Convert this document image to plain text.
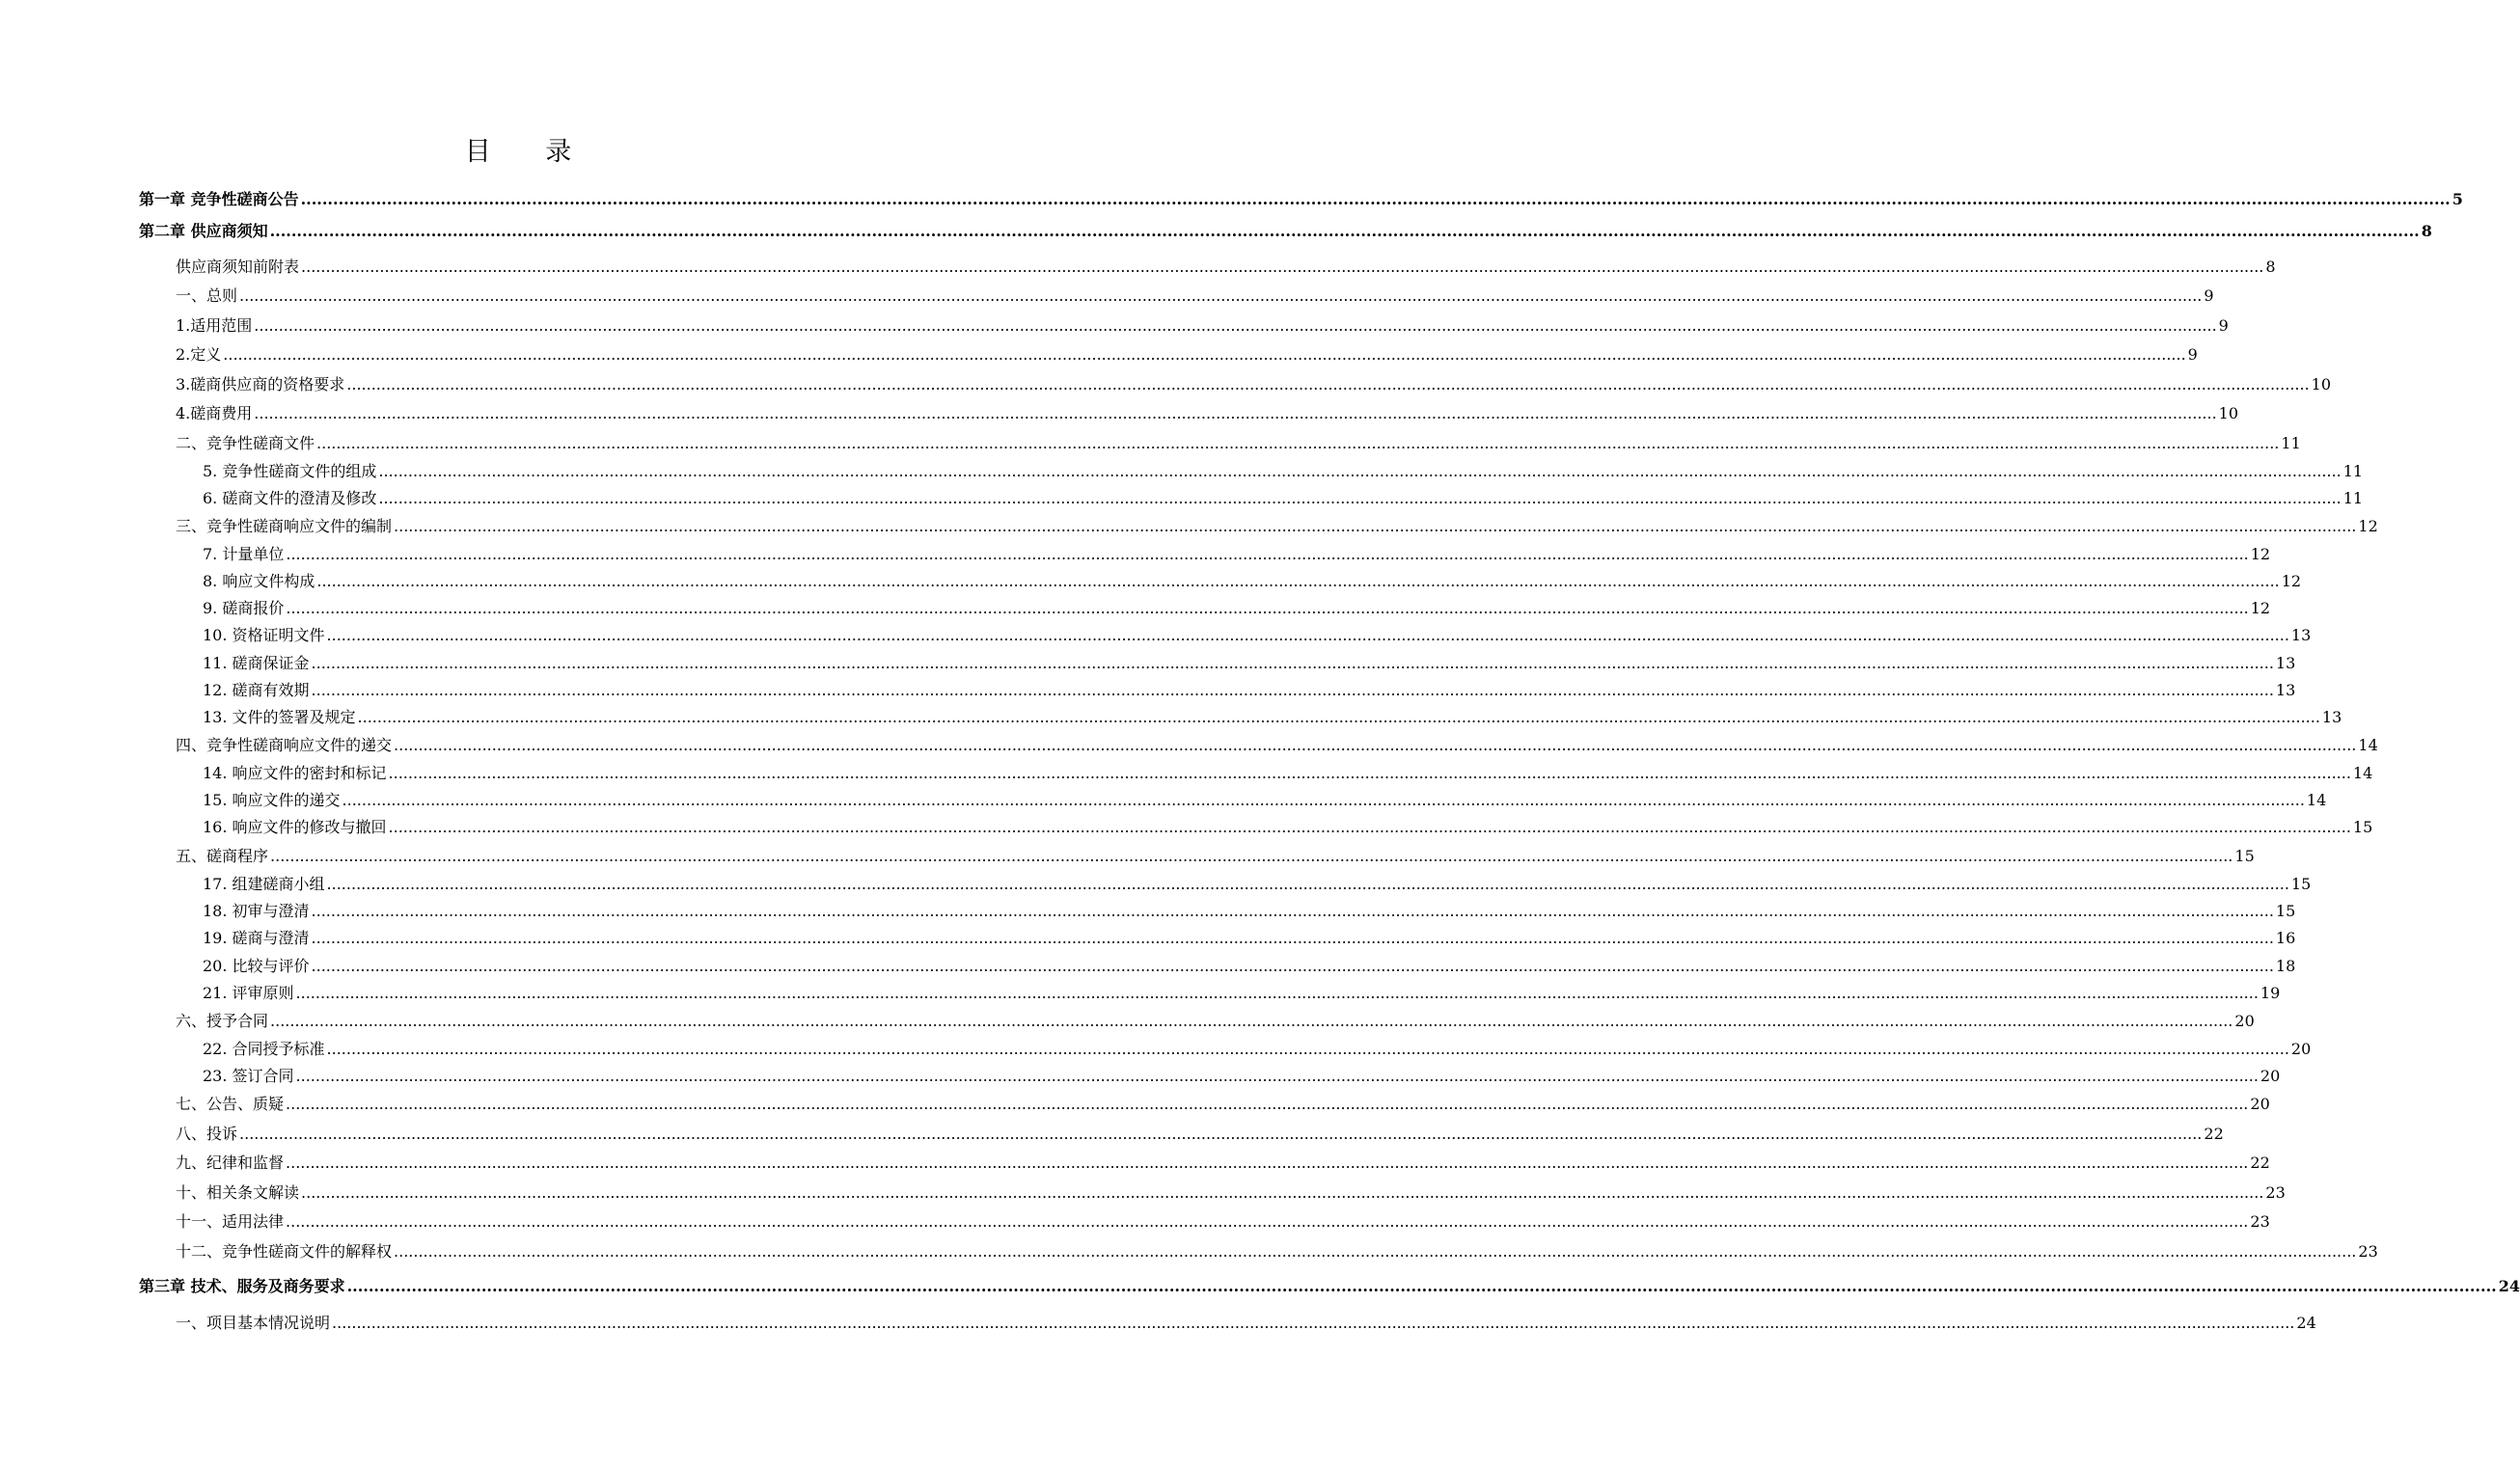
目 录
第一章 竞争性磋商公告 ................................................................................................................................................................................................................................................................................................................................................................................................................ 5
第二章 供应商须知 ................................................................................................................................................................................................................................................................................................................................................................................................................ 8
供应商须知前附表 ................................................................................................................................................................................................................................................................................................................................................................................................................ 8
一、总则 ................................................................................................................................................................................................................................................................................................................................................................................................................ 9
1.适用范围 ................................................................................................................................................................................................................................................................................................................................................................................................................ 9
2.定义 ................................................................................................................................................................................................................................................................................................................................................................................................................ 9
3.磋商供应商的资格要求 ................................................................................................................................................................................................................................................................................................................................................................................................................ 10
4.磋商费用 ................................................................................................................................................................................................................................................................................................................................................................................................................ 10
二、竞争性磋商文件 ................................................................................................................................................................................................................................................................................................................................................................................................................ 11
5. 竞争性磋商文件的组成 ................................................................................................................................................................................................................................................................................................................................................................................................................ 11
6. 磋商文件的澄清及修改 ................................................................................................................................................................................................................................................................................................................................................................................................................ 11
三、竞争性磋商响应文件的编制 ................................................................................................................................................................................................................................................................................................................................................................................................................ 12
7. 计量单位 ................................................................................................................................................................................................................................................................................................................................................................................................................ 12
8. 响应文件构成 ................................................................................................................................................................................................................................................................................................................................................................................................................ 12
9. 磋商报价 ................................................................................................................................................................................................................................................................................................................................................................................................................ 12
10. 资格证明文件 ................................................................................................................................................................................................................................................................................................................................................................................................................ 13
11. 磋商保证金 ................................................................................................................................................................................................................................................................................................................................................................................................................ 13
12. 磋商有效期 ................................................................................................................................................................................................................................................................................................................................................................................................................ 13
13. 文件的签署及规定 ................................................................................................................................................................................................................................................................................................................................................................................................................ 13
四、竞争性磋商响应文件的递交 ................................................................................................................................................................................................................................................................................................................................................................................................................ 14
14. 响应文件的密封和标记 ................................................................................................................................................................................................................................................................................................................................................................................................................ 14
15. 响应文件的递交 ................................................................................................................................................................................................................................................................................................................................................................................................................ 14
16. 响应文件的修改与撤回 ................................................................................................................................................................................................................................................................................................................................................................................................................ 15
五、磋商程序 ................................................................................................................................................................................................................................................................................................................................................................................................................ 15
17. 组建磋商小组 ................................................................................................................................................................................................................................................................................................................................................................................................................ 15
18. 初审与澄清 ................................................................................................................................................................................................................................................................................................................................................................................................................ 15
19. 磋商与澄清 ................................................................................................................................................................................................................................................................................................................................................................................................................ 16
20. 比较与评价 ................................................................................................................................................................................................................................................................................................................................................................................................................ 18
21. 评审原则 ................................................................................................................................................................................................................................................................................................................................................................................................................ 19
六、授予合同 ................................................................................................................................................................................................................................................................................................................................................................................................................ 20
22. 合同授予标准 ................................................................................................................................................................................................................................................................................................................................................................................................................ 20
23. 签订合同 ................................................................................................................................................................................................................................................................................................................................................................................................................ 20
七、公告、质疑 ................................................................................................................................................................................................................................................................................................................................................................................................................ 20
八、投诉 ................................................................................................................................................................................................................................................................................................................................................................................................................ 22
九、纪律和监督 ................................................................................................................................................................................................................................................................................................................................................................................................................ 22
十、相关条文解读 ................................................................................................................................................................................................................................................................................................................................................................................................................ 23
十一、适用法律 ................................................................................................................................................................................................................................................................................................................................................................................................................ 23
十二、竞争性磋商文件的解释权 ................................................................................................................................................................................................................................................................................................................................................................................................................ 23
第三章 技术、服务及商务要求 ................................................................................................................................................................................................................................................................................................................................................................................................................ 24
一、项目基本情况说明 ................................................................................................................................................................................................................................................................................................................................................................................................................ 24
